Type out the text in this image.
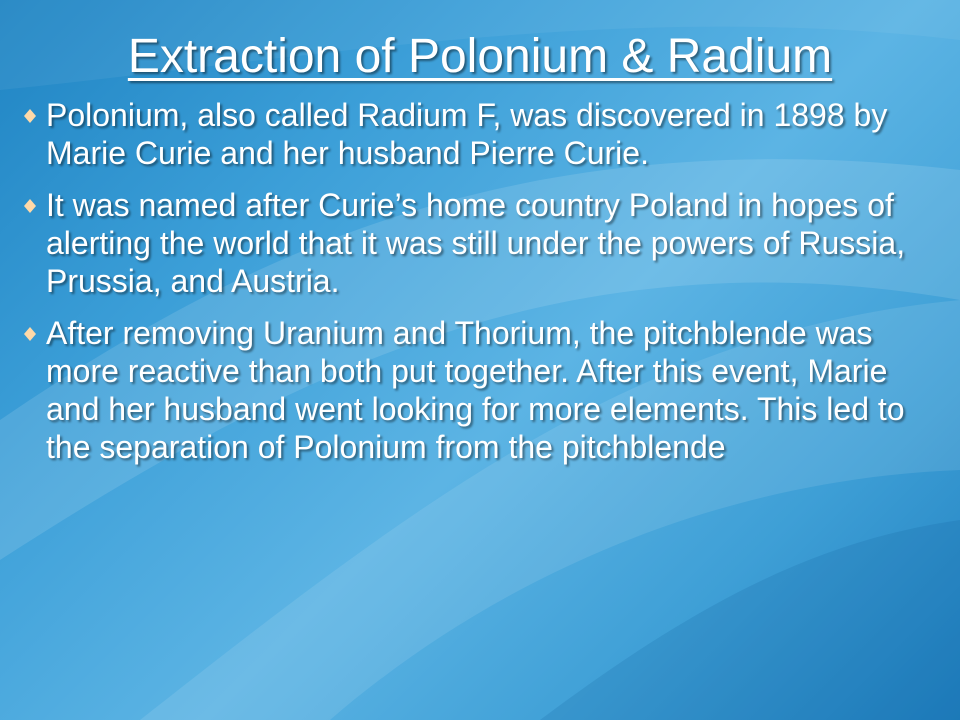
Extraction of Polonium & Radium
Polonium, also called Radium F, was discovered in 1898 by Marie Curie and her husband Pierre Curie.
It was named after Curie’s home country Poland in hopes of alerting the world that it was still under the powers of Russia, Prussia, and Austria.
After removing Uranium and Thorium, the pitchblende was more reactive than both put together. After this event, Marie and her husband went looking for more elements. This led to the separation of Polonium from the pitchblende
